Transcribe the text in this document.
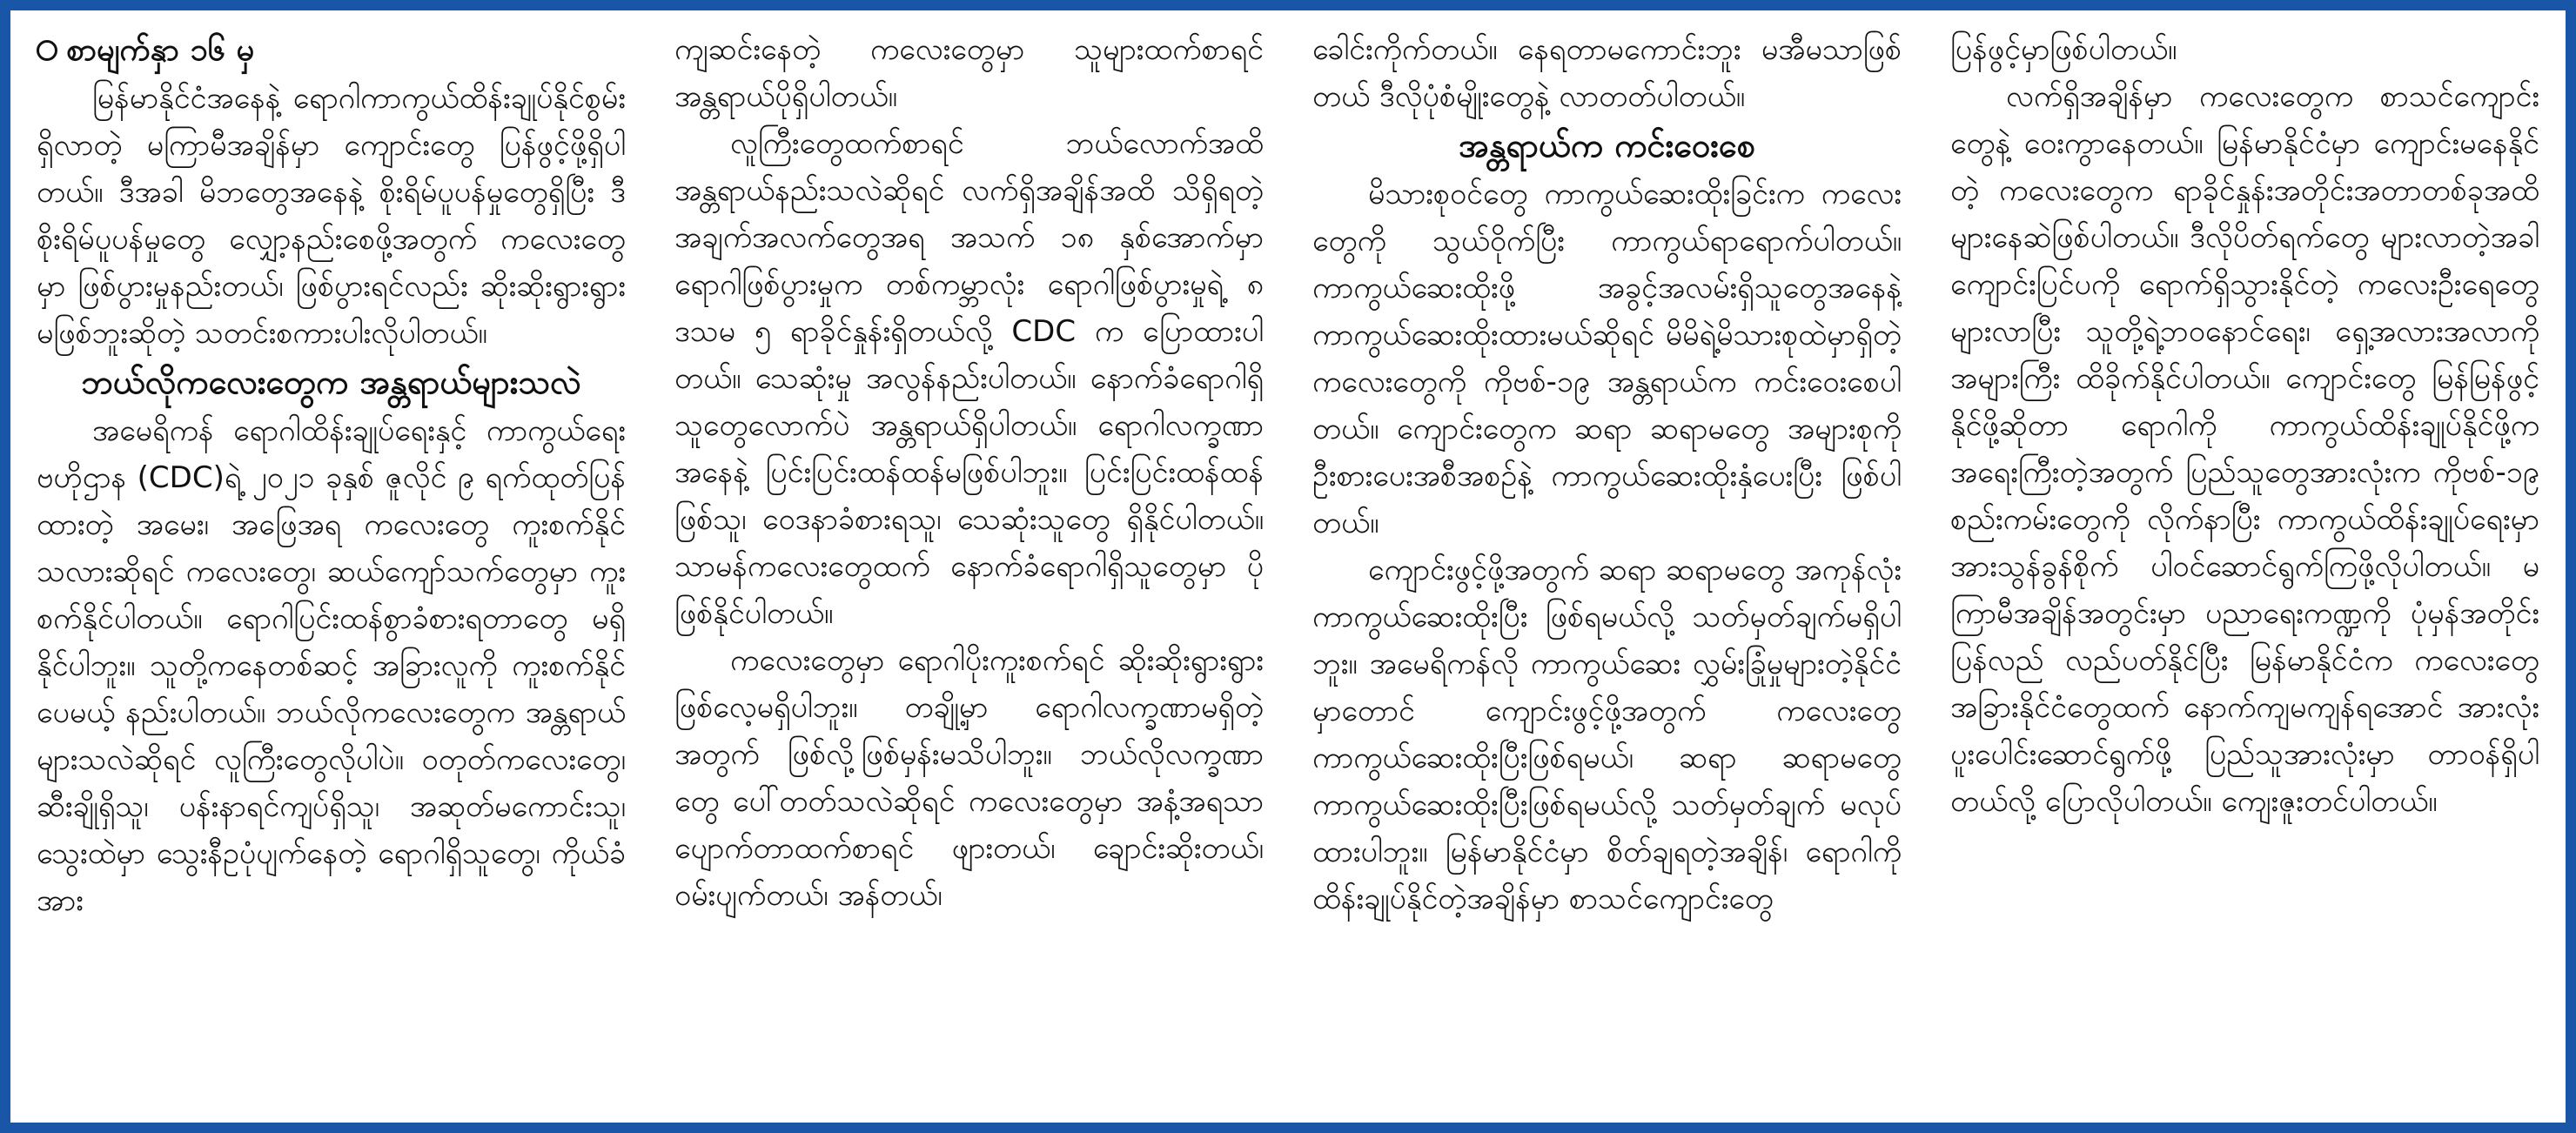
စာမျက်နှာ ၁၆ မှ

မြန်မာနိုင်ငံအနေနဲ့ ရောဂါကာကွယ်ထိန်းချုပ်နိုင်စွမ်းရှိလာတဲ့ မကြာမီအချိန်မှာ ကျောင်းတွေ ပြန်ဖွင့်ဖို့ရှိပါတယ်။ ဒီအခါ မိဘတွေအနေနဲ့ စိုးရိမ်ပူပန်မှုတွေရှိပြီး ဒီစိုးရိမ်ပူပန်မှုတွေ လျှော့နည်းစေဖို့အတွက် ကလေးတွေမှာ ဖြစ်ပွားမှုနည်းတယ်၊ ဖြစ်ပွားရင်လည်း ဆိုးဆိုးရွားရွားမဖြစ်ဘူးဆိုတဲ့ သတင်းစကားပါးလိုပါတယ်။

ဘယ်လိုကလေးတွေက အန္တရာယ်များသလဲ

အမေရိကန် ရောဂါထိန်းချုပ်ရေးနှင့် ကာကွယ်ရေးဗဟိုဌာန (CDC)ရဲ့ ၂၀၂၁ ခုနှစ် ဇူလိုင် ၉ ရက်ထုတ်ပြန်ထားတဲ့ အမေး၊ အဖြေအရ ကလေးတွေ ကူးစက်နိုင်သလားဆိုရင် ကလေးတွေ၊ ဆယ်ကျော်သက်တွေမှာ ကူးစက်နိုင်ပါတယ်။ ရောဂါပြင်းထန်စွာခံစားရတာတွေ မရှိနိုင်ပါဘူး။ သူတို့ကနေတစ်ဆင့် အခြားလူကို ကူးစက်နိုင်ပေမယ့် နည်းပါတယ်။ ဘယ်လိုကလေးတွေက အန္တရာယ်များသလဲဆိုရင် လူကြီးတွေလိုပါပဲ။ ဝတုတ်ကလေးတွေ၊ ဆီးချိုရှိသူ၊ ပန်းနာရင်ကျပ်ရှိသူ၊ အဆုတ်မကောင်းသူ၊ သွေးထဲမှာ သွေးနီဥပုံပျက်နေတဲ့ ရောဂါရှိသူတွေ၊ ကိုယ်ခံအား

ကျဆင်းနေတဲ့ ကလေးတွေမှာ သူများထက်စာရင် အန္တရာယ်ပိုရှိပါတယ်။

လူကြီးတွေထက်စာရင် ဘယ်လောက်အထိ အန္တရာယ်နည်းသလဲဆိုရင် လက်ရှိအချိန်အထိ သိရှိရတဲ့ အချက်အလက်တွေအရ အသက် ၁၈ နှစ်အောက်မှာ ရောဂါဖြစ်ပွားမှုက တစ်ကမ္ဘာလုံး ရောဂါဖြစ်ပွားမှုရဲ့ ၈ ဒသမ ၅ ရာခိုင်နှုန်းရှိတယ်လို့ CDC က ပြောထားပါတယ်။ သေဆုံးမှု အလွန်နည်းပါတယ်။ နောက်ခံရောဂါရှိသူတွေလောက်ပဲ အန္တရာယ်ရှိပါတယ်။ ရောဂါလက္ခဏာအနေနဲ့ ပြင်းပြင်းထန်ထန်မဖြစ်ပါဘူး။ ပြင်းပြင်းထန်ထန်ဖြစ်သူ၊ ဝေဒနာခံစားရသူ၊ သေဆုံးသူတွေ ရှိနိုင်ပါတယ်။ သာမန်ကလေးတွေထက် နောက်ခံရောဂါရှိသူတွေမှာ ပိုဖြစ်နိုင်ပါတယ်။

ကလေးတွေမှာ ရောဂါပိုးကူးစက်ရင် ဆိုးဆိုးရွားရွားဖြစ်လေ့မရှိပါဘူး။ တချို့မှာ ရောဂါလက္ခဏာမရှိတဲ့အတွက် ဖြစ်လို့ဖြစ်မှန်းမသိပါဘူး။ ဘယ်လိုလက္ခဏာတွေ ပေါ်တတ်သလဲဆိုရင် ကလေးတွေမှာ အနံ့အရသာပျောက်တာထက်စာရင် ဖျားတယ်၊ ချောင်းဆိုးတယ်၊ ဝမ်းပျက်တယ်၊ အန်တယ်၊

ခေါင်းကိုက်တယ်။ နေရတာမကောင်းဘူး မအီမသာဖြစ်တယ် ဒီလိုပုံစံမျိုးတွေနဲ့ လာတတ်ပါတယ်။

အန္တရာယ်က ကင်းဝေးစေ

မိသားစုဝင်တွေ ကာကွယ်ဆေးထိုးခြင်းက ကလေးတွေကို သွယ်ဝိုက်ပြီး ကာကွယ်ရာရောက်ပါတယ်။ ကာကွယ်ဆေးထိုးဖို့ အခွင့်အလမ်းရှိသူတွေအနေနဲ့ ကာကွယ်ဆေးထိုးထားမယ်ဆိုရင် မိမိရဲ့မိသားစုထဲမှာရှိတဲ့ ကလေးတွေကို ကိုဗစ်-၁၉ အန္တရာယ်က ကင်းဝေးစေပါတယ်။ ကျောင်းတွေက ဆရာ ဆရာမတွေ အများစုကို ဦးစားပေးအစီအစဉ်နဲ့ ကာကွယ်ဆေးထိုးနှံပေးပြီး ဖြစ်ပါတယ်။

ကျောင်းဖွင့်ဖို့အတွက် ဆရာ ဆရာမတွေ အကုန်လုံး ကာကွယ်ဆေးထိုးပြီး ဖြစ်ရမယ်လို့ သတ်မှတ်ချက်မရှိပါဘူး။ အမေရိကန်လို ကာကွယ်ဆေး လွှမ်းခြုံမှုများတဲ့နိုင်ငံမှာတောင် ကျောင်းဖွင့်ဖို့အတွက် ကလေးတွေ ကာကွယ်ဆေးထိုးပြီးဖြစ်ရမယ်၊ ဆရာ ဆရာမတွေ ကာကွယ်ဆေးထိုးပြီးဖြစ်ရမယ်လို့ သတ်မှတ်ချက် မလုပ်ထားပါဘူး။ မြန်မာနိုင်ငံမှာ စိတ်ချရတဲ့အချိန်၊ ရောဂါကို ထိန်းချုပ်နိုင်တဲ့အချိန်မှာ စာသင်ကျောင်းတွေ

ပြန်ဖွင့်မှာဖြစ်ပါတယ်။

လက်ရှိအချိန်မှာ ကလေးတွေက စာသင်ကျောင်းတွေနဲ့ ဝေးကွာနေတယ်။ မြန်မာနိုင်ငံမှာ ကျောင်းမနေနိုင်တဲ့ ကလေးတွေက ရာခိုင်နှုန်းအတိုင်းအတာတစ်ခုအထိ များနေဆဲဖြစ်ပါတယ်။ ဒီလိုပိတ်ရက်တွေ များလာတဲ့အခါ ကျောင်းပြင်ပကို ရောက်ရှိသွားနိုင်တဲ့ ကလေးဦးရေတွေများလာပြီး သူတို့ရဲ့ဘဝနောင်ရေး၊ ရှေ့အလားအလာကို အများကြီး ထိခိုက်နိုင်ပါတယ်။ ကျောင်းတွေ မြန်မြန်ဖွင့်နိုင်ဖို့ဆိုတာ ရောဂါကို ကာကွယ်ထိန်းချုပ်နိုင်ဖို့က အရေးကြီးတဲ့အတွက် ပြည်သူတွေအားလုံးက ကိုဗစ်-၁၉ စည်းကမ်းတွေကို လိုက်နာပြီး ကာကွယ်ထိန်းချုပ်ရေးမှာ အားသွန်ခွန်စိုက် ပါဝင်ဆောင်ရွက်ကြဖို့လိုပါတယ်။ မကြာမီအချိန်အတွင်းမှာ ပညာရေးကဏ္ဍကို ပုံမှန်အတိုင်း ပြန်လည် လည်ပတ်နိုင်ပြီး မြန်မာနိုင်ငံက ကလေးတွေ အခြားနိုင်ငံတွေထက် နောက်ကျမကျန်ရအောင် အားလုံးပူးပေါင်းဆောင်ရွက်ဖို့ ပြည်သူအားလုံးမှာ တာဝန်ရှိပါတယ်လို့ ပြောလိုပါတယ်။ ကျေးဇူးတင်ပါတယ်။
